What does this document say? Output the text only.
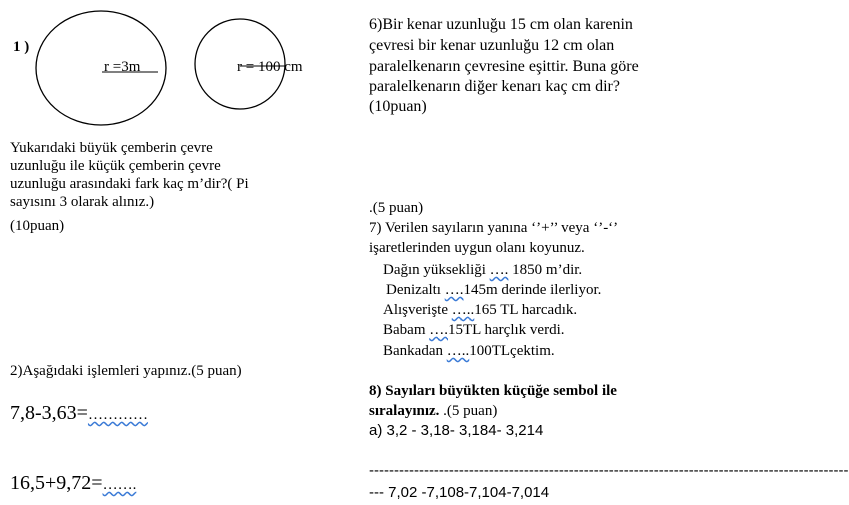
1 )
r =3m	r = 100 cm
Yukarıdaki büyük çemberin çevre
uzunluğu ile küçük çemberin çevre
uzunluğu arasındaki fark kaç m’dir?( Pi
sayısını 3 olarak alınız.)
(10puan)
2)Aşağıdaki işlemleri yapınız.(5 puan)
7,8-3,63=…………
16,5+9,72=…….
6)Bir kenar uzunluğu 15 cm olan karenin
çevresi bir kenar uzunluğu 12 cm olan
paralelkenarın çevresine eşittir. Buna göre
paralelkenarın diğer kenarı kaç cm dir?
(10puan)
.(5 puan)
7) Verilen sayıların yanına ‘’+’’ veya ‘’-‘’
işaretlerinden uygun olanı koyunuz.
Dağın yüksekliği …. 1850 m’dir.
Denizaltı ….145m derinde ilerliyor.
Alışverişte …..165 TL harcadık.
Babam ….15TL harçlık verdi.
Bankadan …..100TLçektim.
8) Sayıları büyükten küçüğe sembol ile
sıralayınız. .(5 puan)
a) 3,2 - 3,18- 3,184- 3,214
------------------------------------------------------------------------------------------------
--- 7,02 -7,108-7,104-7,014
